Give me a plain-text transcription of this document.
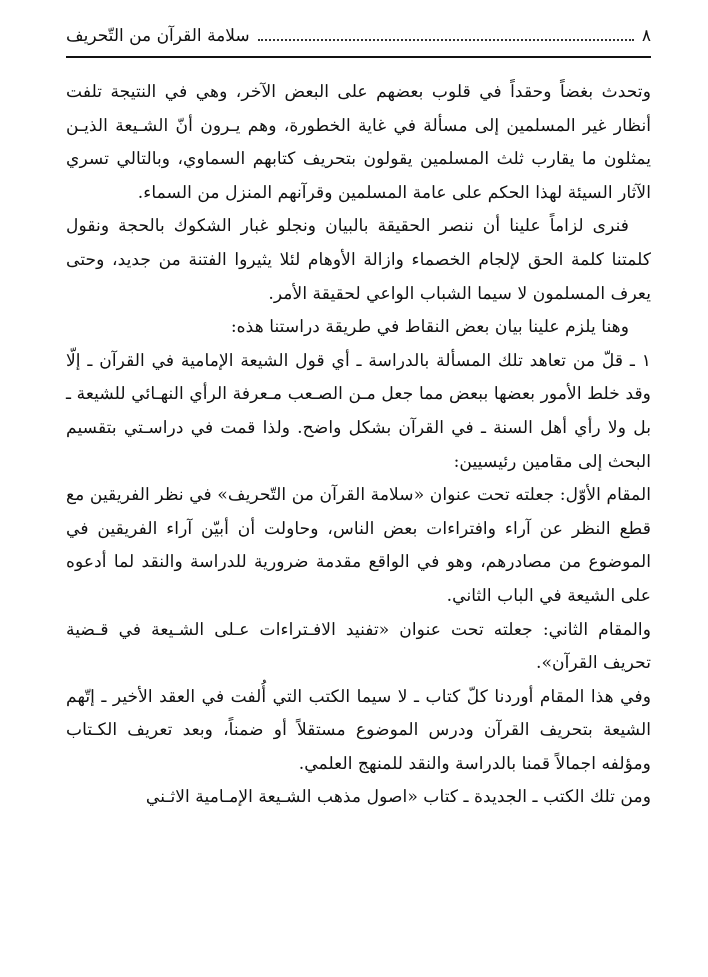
٨
سلامة القرآن من التّحريف

وتحدث بغضاً وحقداً في قلوب بعضهم على البعض الآخر، وهي في النتيجة تلفت أنظار غير المسلمين إلى مسألة في غاية الخطورة، وهم يـرون أنّ الشـيعة الذيـن يمثلون ما يقارب ثلث المسلمين يقولون بتحريف كتابهم السماوي، وبالتالي تسري الآثار السيئة لهذا الحكم على عامة المسلمين وقرآنهم المنزل من السماء.

فنرى لزاماً علينا أن ننصر الحقيقة بالبيان ونجلو غبار الشكوك بالحجة ونقول كلمتنا كلمة الحق لإلجام الخصماء وازالة الأوهام لئلا يثيروا الفتنة من جديد، وحتى يعرف المسلمون لا سيما الشباب الواعي لحقيقة الأمر.

وهنا يلزم علينا بيان بعض النقاط في طريقة دراستنا هذه:

١ ـ قلّ من تعاهد تلك المسألة بالدراسة ـ أي قول الشيعة الإمامية في القرآن ـ إلّا وقد خلط الأمور بعضها ببعض مما جعل مـن الصـعب مـعرفة الرأي النهـائي للشيعة ـ بل ولا رأي أهل السنة ـ في القرآن بشكل واضح. ولذا قمت في دراسـتي بتقسيم البحث إلى مقامين رئيسيين:

المقام الأوّل: جعلته تحت عنوان «سلامة القرآن من التّحريف» في نظر الفريقين مع قطع النظر عن آراء وافتراءات بعض الناس، وحاولت أن أبيّن آراء الفريقين في الموضوع من مصادرهم، وهو في الواقع مقدمة ضرورية للدراسة والنقد لما أدعوه على الشيعة في الباب الثاني.

والمقام الثاني: جعلته تحت عنوان «تفنيد الافـتراءات عـلى الشـيعة في قـضية تحريف القرآن».

وفي هذا المقام أوردنا كلّ كتاب ـ لا سيما الكتب التي أُلفت في العقد الأخير ـ إتّهم الشيعة بتحريف القرآن ودرس الموضوع مستقلاً أو ضمناً، وبعد تعريف الكـتاب ومؤلفه اجمالاً قمنا بالدراسة والنقد للمنهج العلمي.

ومن تلك الكتب ـ الجديدة ـ كتاب «اصول مذهب الشـيعة الإمـامية الاثـني
